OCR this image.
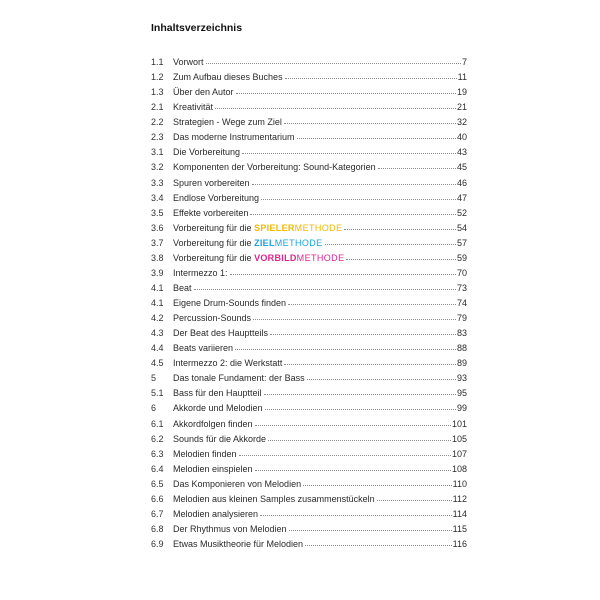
Inhaltsverzeichnis
1.1	Vorwort	7
1.2	Zum Aufbau dieses Buches	11
1.3	Über den Autor	19
2.1	Kreativität	21
2.2	Strategien - Wege zum Ziel	32
2.3	Das moderne Instrumentarium	40
3.1	Die Vorbereitung	43
3.2	Komponenten der Vorbereitung: Sound-Kategorien	45
3.3	Spuren vorbereiten	46
3.4	Endlose Vorbereitung	47
3.5	Effekte vorbereiten	52
3.6	Vorbereitung für die SPIELERMETHODE	54
3.7	Vorbereitung für die ZIELMETHODE	57
3.8	Vorbereitung für die VORBILDMETHODE	59
3.9	Intermezzo 1:	70
4.1	Beat	73
4.1	Eigene Drum-Sounds finden	74
4.2	Percussion-Sounds	79
4.3	Der Beat des Hauptteils	83
4.4	Beats variieren	88
4.5	Intermezzo 2: die Werkstatt	89
5	Das tonale Fundament: der Bass	93
5.1	Bass für den Hauptteil	95
6	Akkorde und Melodien	99
6.1	Akkordfolgen finden	101
6.2	Sounds für die Akkorde	105
6.3	Melodien finden	107
6.4	Melodien einspielen	108
6.5	Das Komponieren von Melodien	110
6.6	Melodien aus kleinen Samples zusammenstückeln	112
6.7	Melodien analysieren	114
6.8	Der Rhythmus von Melodien	115
6.9	Etwas Musiktheorie für Melodien	116
